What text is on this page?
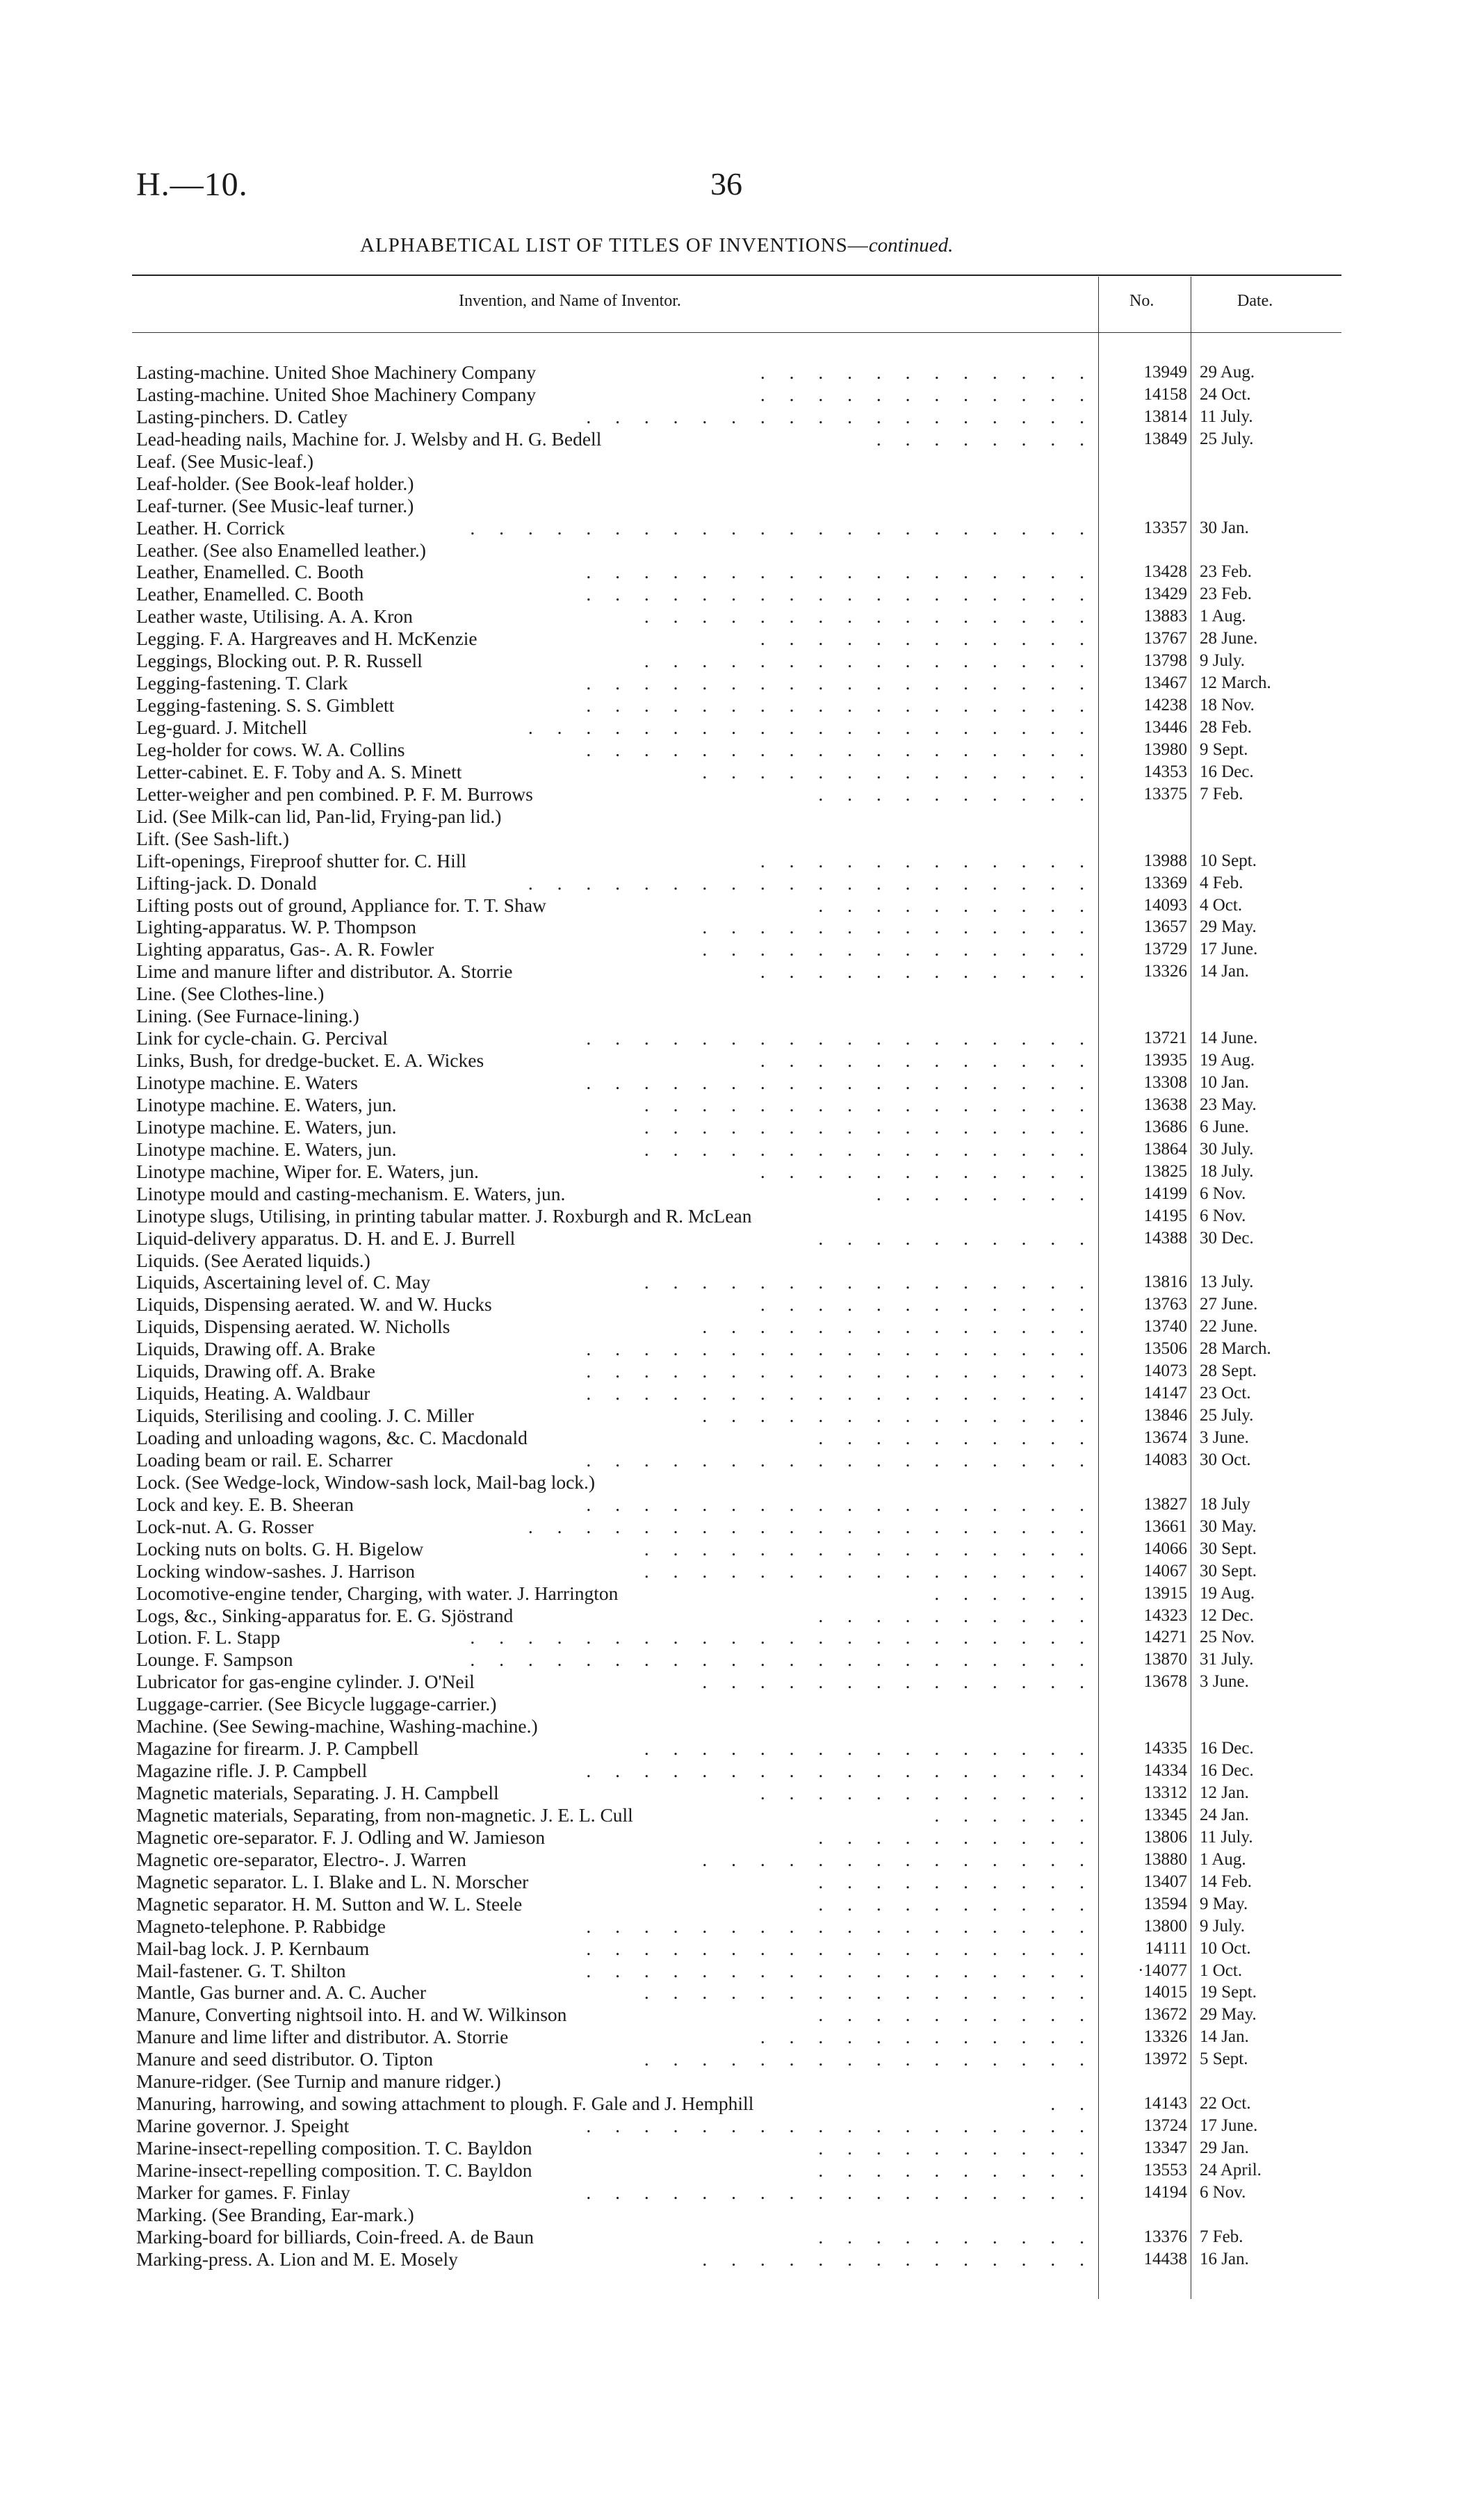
H.—10.	36
ALPHABETICAL LIST OF TITLES OF INVENTIONS—continued.
Invention, and Name of Inventor.	No.	Date.
Lasting-machine. United Shoe Machinery Company	. . . . . . . . . . . .	13949 29 Aug.
Lasting-machine. United Shoe Machinery Company	. . . . . . . . . . . .	14158 24 Oct.
Lasting-pinchers. D. Catley	. . . . . . . . . . . . . . . . . .	13814 11 July.
Lead-heading nails, Machine for. J. Welsby and H. G. Bedell	. . . . . . . .	13849 25 July.
Leaf. (See Music-leaf.)
Leaf-holder. (See Book-leaf holder.)
Leaf-turner. (See Music-leaf turner.)
Leather. H. Corrick	. . . . . . . . . . . . . . . . . . . . . .	13357 30 Jan.
Leather. (See also Enamelled leather.)
Leather, Enamelled. C. Booth	. . . . . . . . . . . . . . . . . .	13428 23 Feb.
Leather, Enamelled. C. Booth	. . . . . . . . . . . . . . . . . .	13429 23 Feb.
Leather waste, Utilising. A. A. Kron	. . . . . . . . . . . . . . . .	13883 1 Aug.
Legging. F. A. Hargreaves and H. McKenzie	. . . . . . . . . . . .	13767 28 June.
Leggings, Blocking out. P. R. Russell	. . . . . . . . . . . . . . . .	13798 9 July.
Legging-fastening. T. Clark	. . . . . . . . . . . . . . . . . .	13467 12 March.
Legging-fastening. S. S. Gimblett	. . . . . . . . . . . . . . . . . .	14238 18 Nov.
Leg-guard. J. Mitchell	. . . . . . . . . . . . . . . . . . . .	13446 28 Feb.
Leg-holder for cows. W. A. Collins	. . . . . . . . . . . . . . . . . .	13980 9 Sept.
Letter-cabinet. E. F. Toby and A. S. Minett	. . . . . . . . . . . . . .	14353 16 Dec.
Letter-weigher and pen combined. P. F. M. Burrows	. . . . . . . . . .	13375 7 Feb.
Lid. (See Milk-can lid, Pan-lid, Frying-pan lid.)
Lift. (See Sash-lift.)
Lift-openings, Fireproof shutter for. C. Hill	. . . . . . . . . . . .	13988 10 Sept.
Lifting-jack. D. Donald	. . . . . . . . . . . . . . . . . . . .	13369 4 Feb.
Lifting posts out of ground, Appliance for. T. T. Shaw	. . . . . . . . . .	14093 4 Oct.
Lighting-apparatus. W. P. Thompson	. . . . . . . . . . . . . .	13657 29 May.
Lighting apparatus, Gas-. A. R. Fowler	. . . . . . . . . . . . . .	13729 17 June.
Lime and manure lifter and distributor. A. Storrie	. . . . . . . . . . . .	13326 14 Jan.
Line. (See Clothes-line.)
Lining. (See Furnace-lining.)
Link for cycle-chain. G. Percival	. . . . . . . . . . . . . . . . . .	13721 14 June.
Links, Bush, for dredge-bucket. E. A. Wickes	. . . . . . . . . . . .	13935 19 Aug.
Linotype machine. E. Waters	. . . . . . . . . . . . . . . . . .	13308 10 Jan.
Linotype machine. E. Waters, jun.	. . . . . . . . . . . . . . . .	13638 23 May.
Linotype machine. E. Waters, jun.	. . . . . . . . . . . . . . . .	13686 6 June.
Linotype machine. E. Waters, jun.	. . . . . . . . . . . . . . . .	13864 30 July.
Linotype machine, Wiper for. E. Waters, jun.	. . . . . . . . . . . .	13825 18 July.
Linotype mould and casting-mechanism. E. Waters, jun.	. . . . . . . .	14199 6 Nov.
Linotype slugs, Utilising, in printing tabular matter. J. Roxburgh and R. McLean	14195 6 Nov.
Liquid-delivery apparatus. D. H. and E. J. Burrell	. . . . . . . . . .	14388 30 Dec.
Liquids. (See Aerated liquids.)
Liquids, Ascertaining level of. C. May	. . . . . . . . . . . . . . . .	13816 13 July.
Liquids, Dispensing aerated. W. and W. Hucks	. . . . . . . . . . . .	13763 27 June.
Liquids, Dispensing aerated. W. Nicholls	. . . . . . . . . . . . . .	13740 22 June.
Liquids, Drawing off. A. Brake	. . . . . . . . . . . . . . . . . .	13506 28 March.
Liquids, Drawing off. A. Brake	. . . . . . . . . . . . . . . . . .	14073 28 Sept.
Liquids, Heating. A. Waldbaur	. . . . . . . . . . . . . . . . . .	14147 23 Oct.
Liquids, Sterilising and cooling. J. C. Miller	. . . . . . . . . . . . . .	13846 25 July.
Loading and unloading wagons, &c. C. Macdonald	. . . . . . . . . .	13674 3 June.
Loading beam or rail. E. Scharrer	. . . . . . . . . . . . . . . . . .	14083 30 Oct.
Lock. (See Wedge-lock, Window-sash lock, Mail-bag lock.)
Lock and key. E. B. Sheeran	. . . . . . . . . . . . . . . . . .	13827 18 July
Lock-nut. A. G. Rosser	. . . . . . . . . . . . . . . . . . . .	13661 30 May.
Locking nuts on bolts. G. H. Bigelow	. . . . . . . . . . . . . . . .	14066 30 Sept.
Locking window-sashes. J. Harrison	. . . . . . . . . . . . . . . .	14067 30 Sept.
Locomotive-engine tender, Charging, with water. J. Harrington	. . . . . .	13915 19 Aug.
Logs, &c., Sinking-apparatus for. E. G. Sjöstrand	. . . . . . . . . .	14323 12 Dec.
Lotion. F. L. Stapp	. . . . . . . . . . . . . . . . . . . . . .	14271 25 Nov.
Lounge. F. Sampson	. . . . . . . . . . . . . . . . . . . . . .	13870 31 July.
Lubricator for gas-engine cylinder. J. O'Neil	. . . . . . . . . . . . . .	13678 3 June.
Luggage-carrier. (See Bicycle luggage-carrier.)
Machine. (See Sewing-machine, Washing-machine.)
Magazine for firearm. J. P. Campbell	. . . . . . . . . . . . . . . .	14335 16 Dec.
Magazine rifle. J. P. Campbell	. . . . . . . . . . . . . . . . . .	14334 16 Dec.
Magnetic materials, Separating. J. H. Campbell	. . . . . . . . . . . .	13312 12 Jan.
Magnetic materials, Separating, from non-magnetic. J. E. L. Cull	. . . . . .	13345 24 Jan.
Magnetic ore-separator. F. J. Odling and W. Jamieson	. . . . . . . . . .	13806 11 July.
Magnetic ore-separator, Electro-. J. Warren	. . . . . . . . . . . . . .	13880 1 Aug.
Magnetic separator. L. I. Blake and L. N. Morscher	. . . . . . . . . .	13407 14 Feb.
Magnetic separator. H. M. Sutton and W. L. Steele	. . . . . . . . . .	13594 9 May.
Magneto-telephone. P. Rabbidge	. . . . . . . . . . . . . . . . . .	13800 9 July.
Mail-bag lock. J. P. Kernbaum	. . . . . . . . . . . . . . . . . .	14111 10 Oct.
Mail-fastener. G. T. Shilton	. . . . . . . . . . . . . . . . . .	·14077 1 Oct.
Mantle, Gas burner and. A. C. Aucher	. . . . . . . . . . . . . . . .	14015 19 Sept.
Manure, Converting nightsoil into. H. and W. Wilkinson	. . . . . . . . . .	13672 29 May.
Manure and lime lifter and distributor. A. Storrie	. . . . . . . . . . . .	13326 14 Jan.
Manure and seed distributor. O. Tipton	. . . . . . . . . . . . . . . .	13972 5 Sept.
Manure-ridger. (See Turnip and manure ridger.)
Manuring, harrowing, and sowing attachment to plough. F. Gale and J. Hemphill	. .	14143 22 Oct.
Marine governor. J. Speight	. . . . . . . . . . . . . . . . . .	13724 17 June.
Marine-insect-repelling composition. T. C. Bayldon	. . . . . . . . . .	13347 29 Jan.
Marine-insect-repelling composition. T. C. Bayldon	. . . . . . . . . .	13553 24 April.
Marker for games. F. Finlay	. . . . . . . . . . . . . . . . . .	14194 6 Nov.
Marking. (See Branding, Ear-mark.)
Marking-board for billiards, Coin-freed. A. de Baun	. . . . . . . . . .	13376 7 Feb.
Marking-press. A. Lion and M. E. Mosely	. . . . . . . . . . . . . .	14438 16 Jan.
